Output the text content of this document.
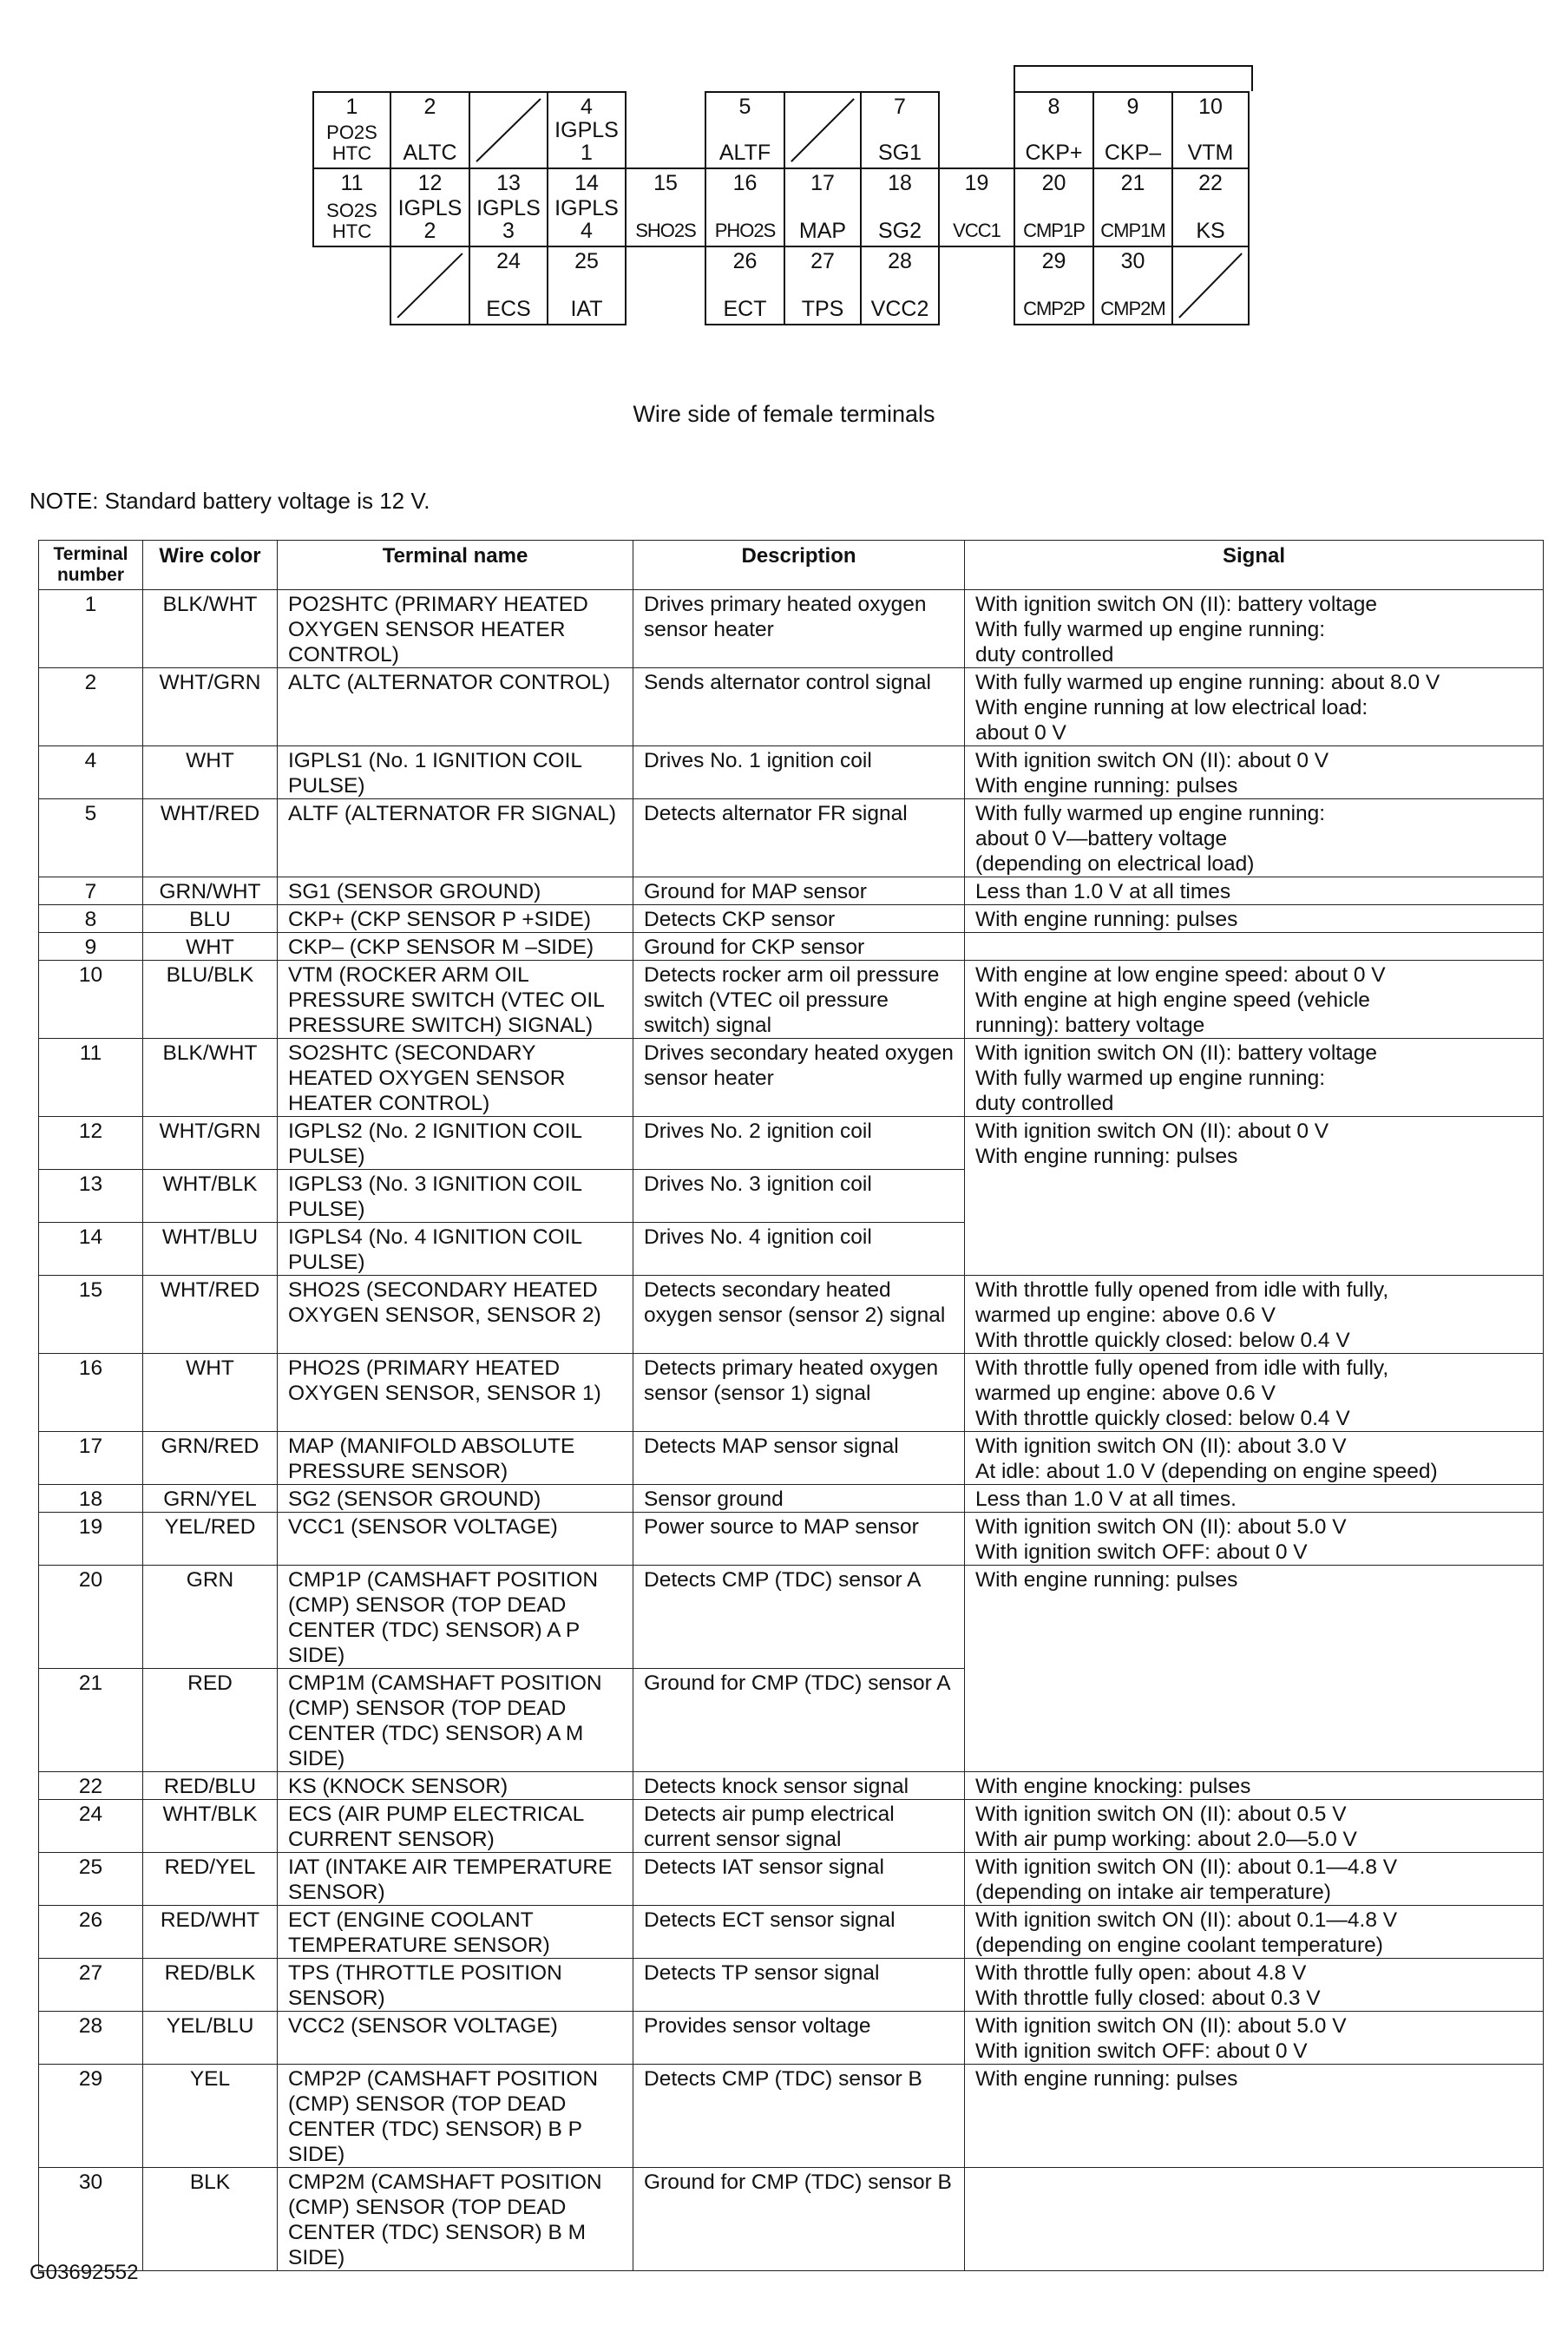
1
PO2S
HTC
2
ALTC
4
IGPLS
1
5
ALTF
7
SG1
8
CKP+
9
CKP–
10
VTM
11
SO2S
HTC
12
IGPLS
2
13
IGPLS
3
14
IGPLS
4
15
SHO2S
16
PHO2S
17
MAP
18
SG2
19
VCC1
20
CMP1P
21
CMP1M
22
KS
24
ECS
25
IAT
26
ECT
27
TPS
28
VCC2
29
CMP2P
30
CMP2M
Wire side of female terminals
NOTE: Standard battery voltage is 12 V.
Terminal number	Wire color	Terminal name	Description	Signal
1	BLK/WHT	PO2SHTC (PRIMARY HEATED OXYGEN SENSOR HEATER CONTROL)	Drives primary heated oxygen sensor heater	With ignition switch ON (II): battery voltage
With fully warmed up engine running:
duty controlled
2	WHT/GRN	ALTC (ALTERNATOR CONTROL)	Sends alternator control signal	With fully warmed up engine running: about 8.0 V
With engine running at low electrical load:
about 0 V
4	WHT	IGPLS1 (No. 1 IGNITION COIL PULSE)	Drives No. 1 ignition coil	With ignition switch ON (II): about 0 V
With engine running: pulses
5	WHT/RED	ALTF (ALTERNATOR FR SIGNAL)	Detects alternator FR signal	With fully warmed up engine running:
about 0 V—battery voltage
(depending on electrical load)
7	GRN/WHT	SG1 (SENSOR GROUND)	Ground for MAP sensor	Less than 1.0 V at all times
8	BLU	CKP+ (CKP SENSOR P +SIDE)	Detects CKP sensor	With engine running: pulses
9	WHT	CKP– (CKP SENSOR M –SIDE)	Ground for CKP sensor	
10	BLU/BLK	VTM (ROCKER ARM OIL PRESSURE SWITCH (VTEC OIL PRESSURE SWITCH) SIGNAL)	Detects rocker arm oil pressure switch (VTEC oil pressure switch) signal	With engine at low engine speed: about 0 V
With engine at high engine speed (vehicle
running): battery voltage
11	BLK/WHT	SO2SHTC (SECONDARY HEATED OXYGEN SENSOR HEATER CONTROL)	Drives secondary heated oxygen sensor heater	With ignition switch ON (II): battery voltage
With fully warmed up engine running:
duty controlled
12	WHT/GRN	IGPLS2 (No. 2 IGNITION COIL PULSE)	Drives No. 2 ignition coil	With ignition switch ON (II): about 0 V
With engine running: pulses
13	WHT/BLK	IGPLS3 (No. 3 IGNITION COIL PULSE)	Drives No. 3 ignition coil	
14	WHT/BLU	IGPLS4 (No. 4 IGNITION COIL PULSE)	Drives No. 4 ignition coil	
15	WHT/RED	SHO2S (SECONDARY HEATED OXYGEN SENSOR, SENSOR 2)	Detects secondary heated oxygen sensor (sensor 2) signal	With throttle fully opened from idle with fully,
warmed up engine: above 0.6 V
With throttle quickly closed: below 0.4 V
16	WHT	PHO2S (PRIMARY HEATED OXYGEN SENSOR, SENSOR 1)	Detects primary heated oxygen sensor (sensor 1) signal	With throttle fully opened from idle with fully,
warmed up engine: above 0.6 V
With throttle quickly closed: below 0.4 V
17	GRN/RED	MAP (MANIFOLD ABSOLUTE PRESSURE SENSOR)	Detects MAP sensor signal	With ignition switch ON (II): about 3.0 V
At idle: about 1.0 V (depending on engine speed)
18	GRN/YEL	SG2 (SENSOR GROUND)	Sensor ground	Less than 1.0 V at all times.
19	YEL/RED	VCC1 (SENSOR VOLTAGE)	Power source to MAP sensor	With ignition switch ON (II): about 5.0 V
With ignition switch OFF: about 0 V
20	GRN	CMP1P (CAMSHAFT POSITION (CMP) SENSOR (TOP DEAD CENTER (TDC) SENSOR) A P SIDE)	Detects CMP (TDC) sensor A	With engine running: pulses
21	RED	CMP1M (CAMSHAFT POSITION (CMP) SENSOR (TOP DEAD CENTER (TDC) SENSOR) A M SIDE)	Ground for CMP (TDC) sensor A	
22	RED/BLU	KS (KNOCK SENSOR)	Detects knock sensor signal	With engine knocking: pulses
24	WHT/BLK	ECS (AIR PUMP ELECTRICAL CURRENT SENSOR)	Detects air pump electrical current sensor signal	With ignition switch ON (II): about 0.5 V
With air pump working: about 2.0—5.0 V
25	RED/YEL	IAT (INTAKE AIR TEMPERATURE SENSOR)	Detects IAT sensor signal	With ignition switch ON (II): about 0.1—4.8 V
(depending on intake air temperature)
26	RED/WHT	ECT (ENGINE COOLANT TEMPERATURE SENSOR)	Detects ECT sensor signal	With ignition switch ON (II): about 0.1—4.8 V
(depending on engine coolant temperature)
27	RED/BLK	TPS (THROTTLE POSITION SENSOR)	Detects TP sensor signal	With throttle fully open: about 4.8 V
With throttle fully closed: about 0.3 V
28	YEL/BLU	VCC2 (SENSOR VOLTAGE)	Provides sensor voltage	With ignition switch ON (II): about 5.0 V
With ignition switch OFF: about 0 V
29	YEL	CMP2P (CAMSHAFT POSITION (CMP) SENSOR (TOP DEAD CENTER (TDC) SENSOR) B P SIDE)	Detects CMP (TDC) sensor B	With engine running: pulses
30	BLK	CMP2M (CAMSHAFT POSITION (CMP) SENSOR (TOP DEAD CENTER (TDC) SENSOR) B M SIDE)	Ground for CMP (TDC) sensor B	
G03692552
